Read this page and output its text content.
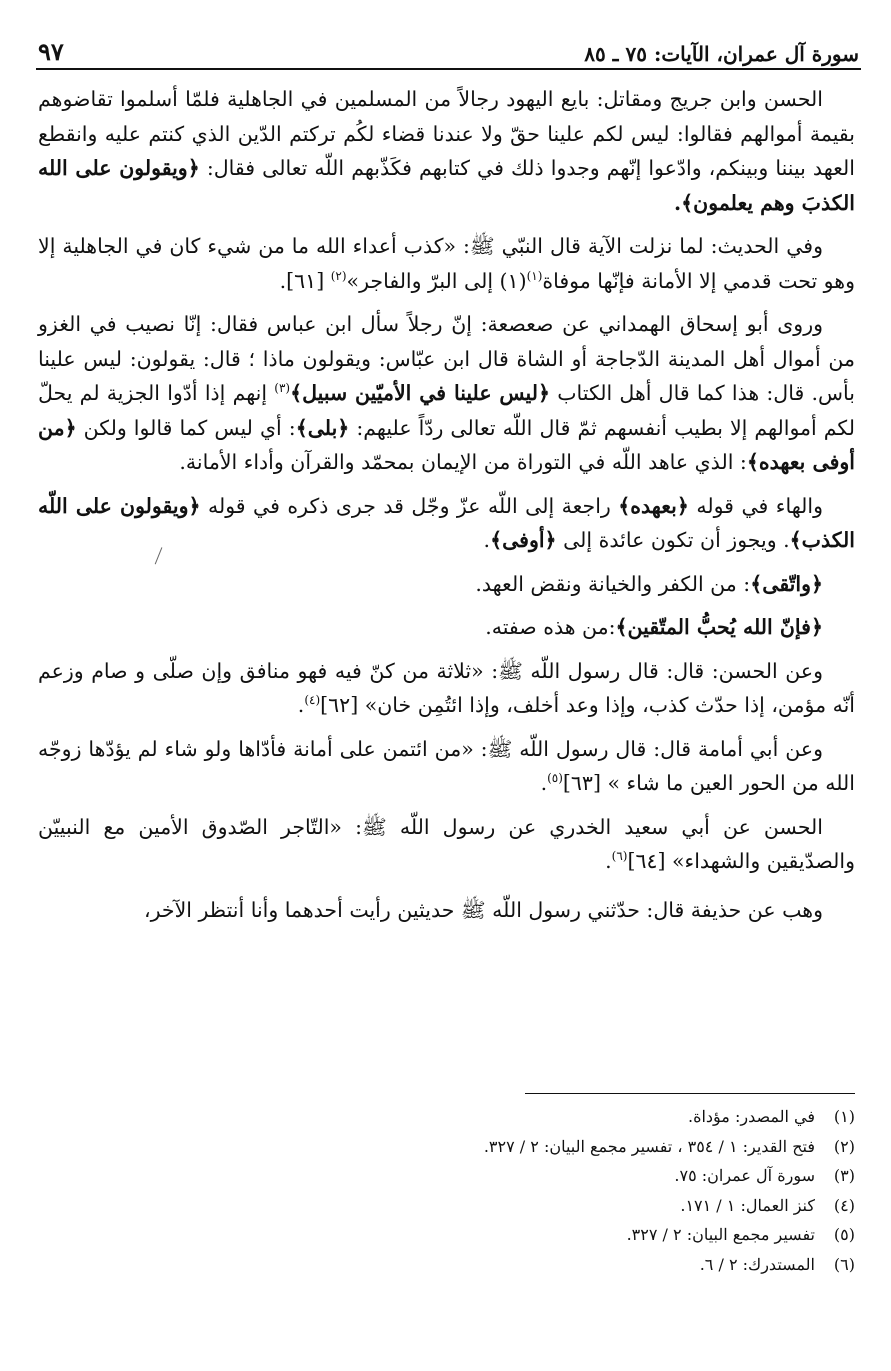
سورة آل عمران، الآيات: ٧٥ ـ ٨٥
٩٧

الحسن وابن جريج ومقاتل: بايع اليهود رجالاً من المسلمين في الجاهلية فلمّا أسلموا تقاضوهم بقيمة أموالهم فقالوا: ليس لكم علينا حقّ ولا عندنا قضاء لكُم تركتم الدّين الذي كنتم عليه وانقطع العهد بيننا وبينكم، وادّعوا إنّهم وجدوا ذلك في كتابهم فكَذّبهم اللّه تعالى فقال: ﴿ويقولون على الله الكذبَ وهم يعلمون﴾.

وفي الحديث: لما نزلت الآية قال النبّي ﷺ: «كذب أعداء الله ما من شيء كان في الجاهلية إلا وهو تحت قدمي إلا الأمانة فإنّها موفاة$^{(١)}$(١) إلى البرّ والفاجر»$^{(٢)}$ [٦١].

وروى أبو إسحاق الهمداني عن صعصعة: إنّ رجلاً سأل ابن عباس فقال: إنّا نصيب في الغزو من أموال أهل المدينة الدّجاجة أو الشاة قال ابن عبّاس: ويقولون ماذا ؛ قال: يقولون: ليس علينا بأس. قال: هذا كما قال أهل الكتاب ﴿ليس علينا في الأميّين سبيل﴾$^{(٣)}$ إنهم إذا أدّوا الجزية لم يحلّ لكم أموالهم إلا بطيب أنفسهم ثمّ قال اللّه تعالى ردّاً عليهم: ﴿بلى﴾: أي ليس كما قالوا ولكن ﴿من أوفى بعهده﴾: الذي عاهد اللّه في التوراة من الإيمان بمحمّد والقرآن وأداء الأمانة.

والهاء في قوله ﴿بعهده﴾ راجعة إلى اللّه عزّ وجّل قد جرى ذكره في قوله ﴿ويقولون على اللّه الكذب﴾. ويجوز أن تكون عائدة إلى ﴿أوفى﴾.

﴿واتّقى﴾: من الكفر والخيانة ونقض العهد.

﴿فإنّ الله يُحبُّ المتّقين﴾:من هذه صفته.

وعن الحسن: قال: قال رسول اللّه ﷺ: «ثلاثة من كنّ فيه فهو منافق وإن صلّى و صام وزعم أنّه مؤمن، إذا حدّث كذب، وإذا وعد أخلف، وإذا ائتُمِن خان» [٦٢]$^{(٤)}$.

وعن أبي أمامة قال: قال رسول اللّه ﷺ: «من ائتمن على أمانة فأدّاها ولو شاء لم يؤدّها زوجّه الله من الحور العين ما شاء » [٦٣]$^{(٥)}$.

الحسن عن أبي سعيد الخدري عن رسول اللّه ﷺ: «التّاجر الصّدوق الأمين مع النبييّن والصدّيقين والشهداء» [٦٤]$^{(٦)}$.

وهب عن حذيفة قال: حدّثني رسول اللّه ﷺ حديثين رأيت أحدهما وأنا أنتظر الآخر،

(١)
في المصدر: مؤداة.
(٢)
فتح القدير: ١ / ٣٥٤ ، تفسير مجمع البيان: ٢ / ٣٢٧.
(٣)
سورة آل عمران: ٧٥.
(٤)
كنز العمال: ١ / ١٧١.
(٥)
تفسير مجمع البيان: ٢ / ٣٢٧.
(٦)
المستدرك: ٢ / ٦.
